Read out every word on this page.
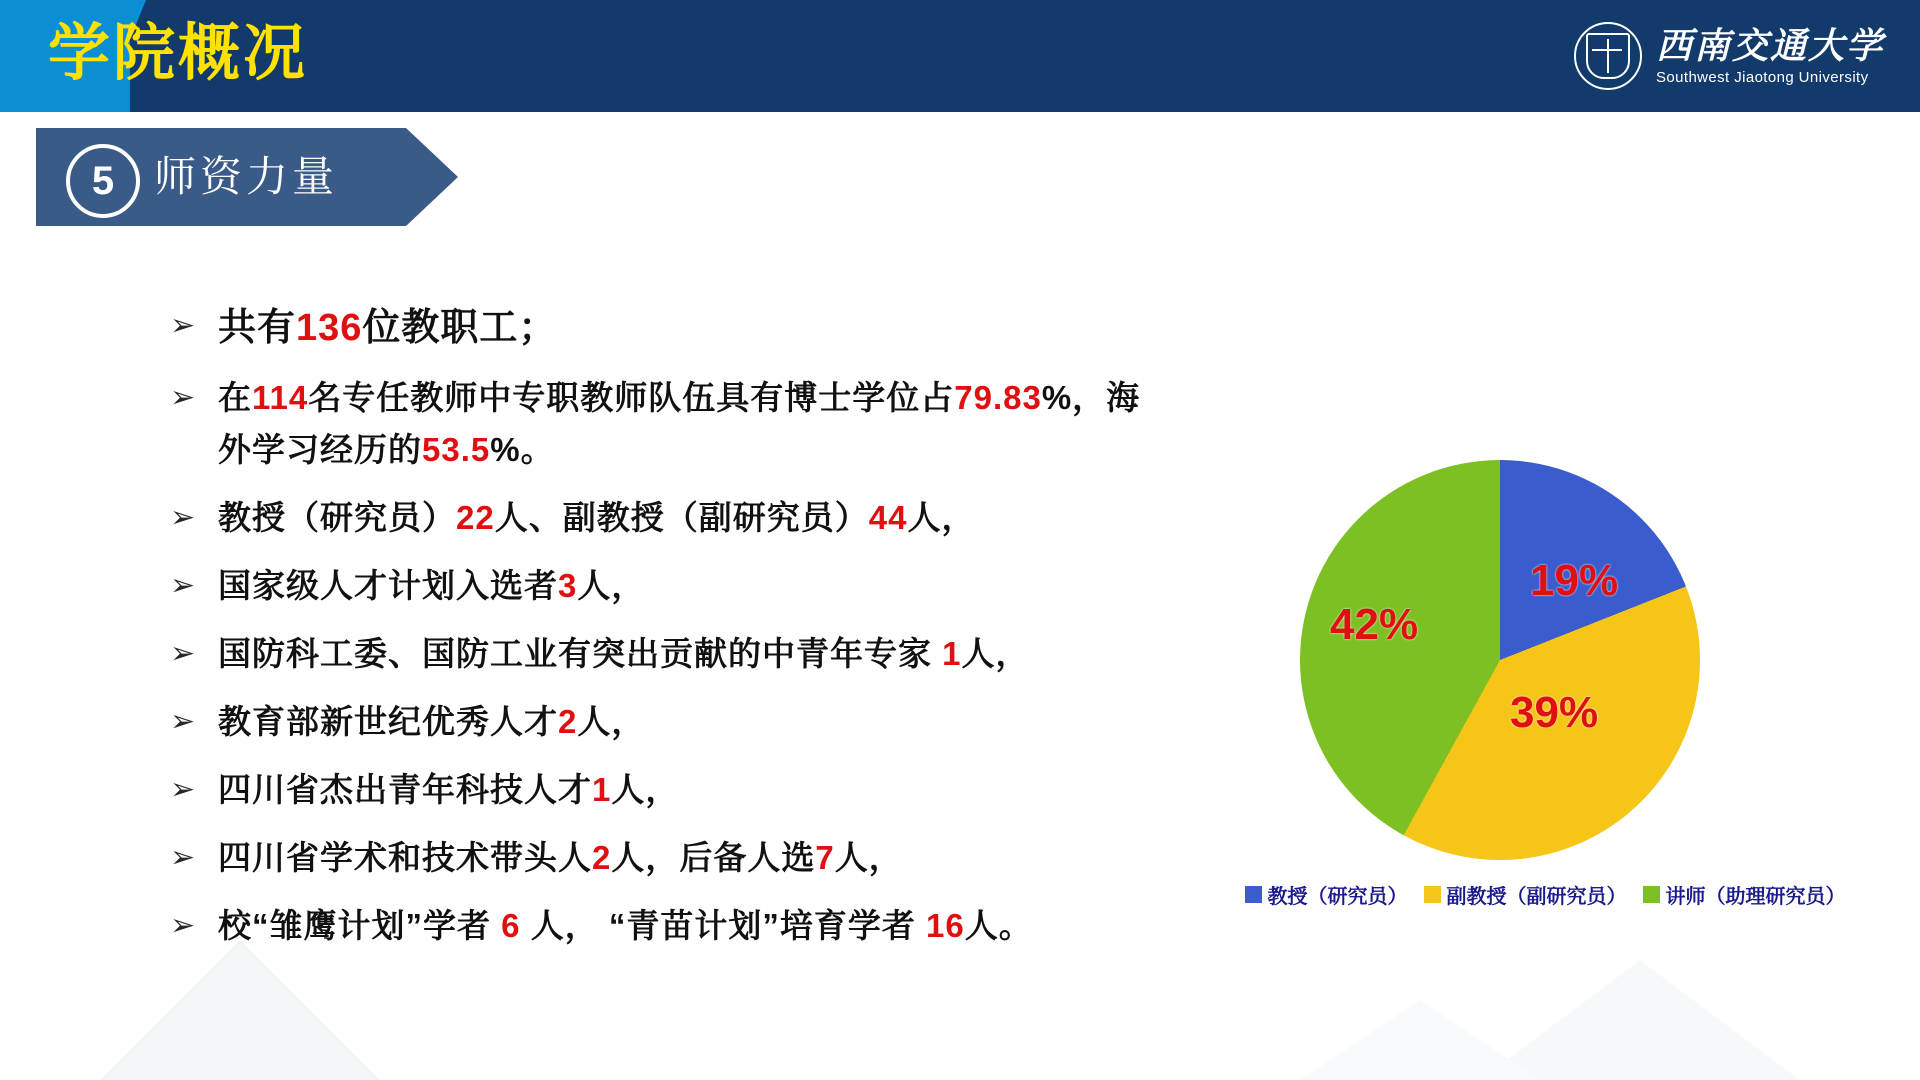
学院概况	西南交通大学
Southwest Jiaotong University
5 师资力量
➢ 共有136位教职工；
➢ 在114名专任教师中专职教师队伍具有博士学位占79.83%，海
外学习经历的53.5%。
➢ 教授（研究员）22人、副教授（副研究员）44人，
➢ 国家级人才计划入选者3人，
➢ 国防科工委、国防工业有突出贡献的中青年专家 1人，
➢ 教育部新世纪优秀人才2人，
➢ 四川省杰出青年科技人才1人，
➢ 四川省学术和技术带头人2人，后备人选7人，
➢ 校“雏鹰计划”学者 6 人， “青苗计划”培育学者 16人。
19%
39%
42%
教授（研究员） 副教授（副研究员） 讲师（助理研究员）
